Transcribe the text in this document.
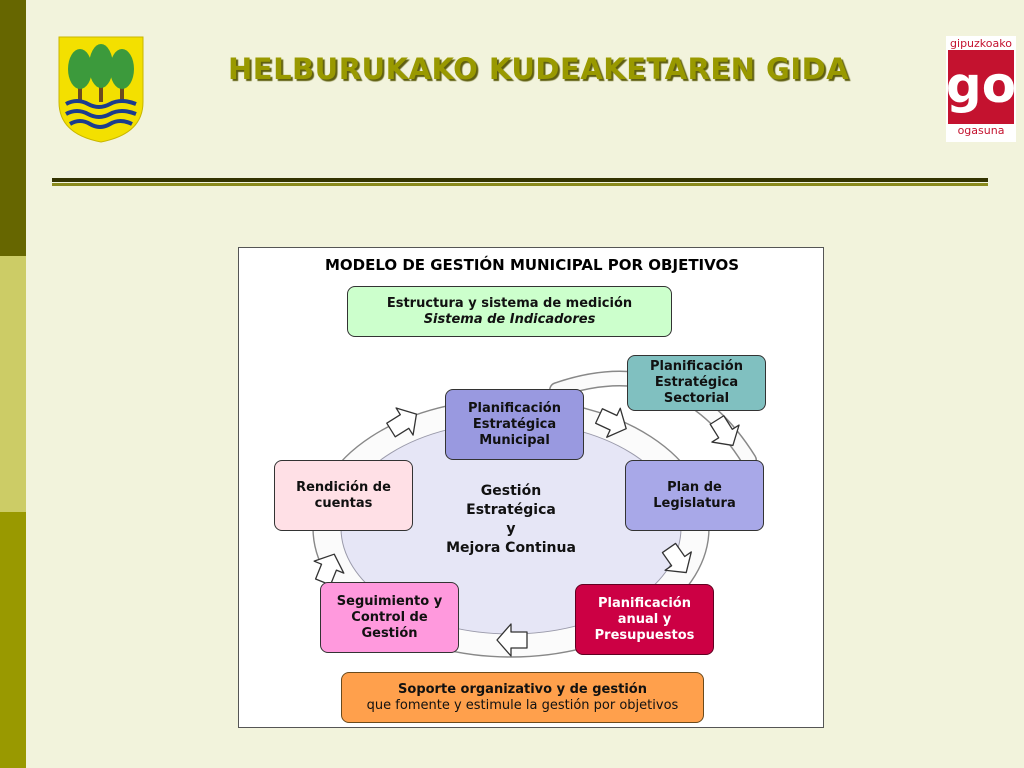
HELBURUKAKO KUDEAKETAREN GIDA
gipuzkoako
go
ogasuna
MODELO DE GESTIÓN MUNICIPAL POR OBJETIVOS
Estructura y sistema de medición
Sistema de Indicadores
Planificación
Estratégica
Sectorial
Planificación
Estratégica
Municipal
Plan de
Legislatura
Planificación
anual y
Presupuestos
Seguimiento y
Control de
Gestión
Rendición de
cuentas
Gestión
Estratégica
y
Mejora Continua
Soporte organizativo y de gestión
que fomente y estimule la gestión por objetivos
